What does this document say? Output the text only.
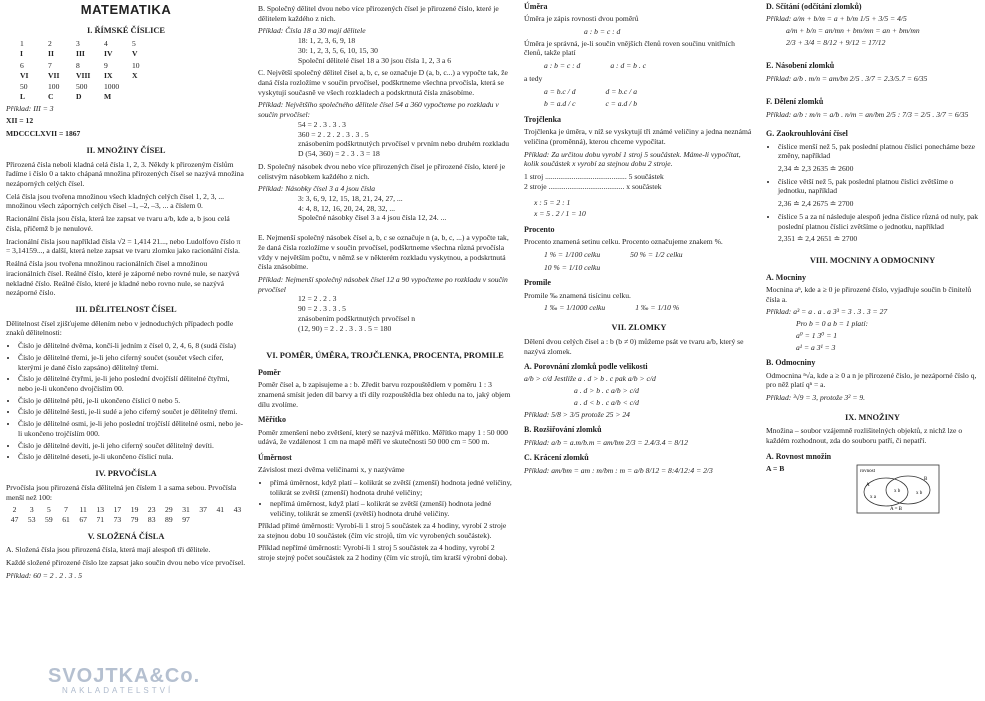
MATEMATIKA
I. ŘÍMSKÉ ČÍSLICE
1	2	3	4	5
I	II	III	IV	V
6	7	8	9	10
VI	VII	VIII	IX	X
50	100	500	1000
L	C	D	M

Příklad: III = 3

XII = 12

MDCCCLXVII = 1867

II. MNOŽINY ČÍSEL

Přirozená čísla neboli kladná celá čísla 1, 2, 3. Někdy k přirozeným číslům řadíme i číslo 0 a takto chápaná množina přirozených čísel se nazývá množina nezáporných celých čísel.

Celá čísla jsou tvořena množinou všech kladných celých čísel 1, 2, 3, ... množinou všech záporných celých čísel –1, –2, –3, ... a číslem 0.

Racionální čísla jsou čísla, která lze zapsat ve tvaru a/b, kde a, b jsou celá čísla, přičemž b je nenulové.

Iracionální čísla jsou například čísla √2 = 1,414 21..., nebo Ludolfovo číslo π = 3,14159..., a další, která nelze zapsat ve tvaru zlomku jako racionální čísla.

Reálná čísla jsou tvořena množinou racionálních čísel a množinou iracionálních čísel. Reálné číslo, které je záporné nebo rovné nule, se nazývá nekladné číslo. Reálné číslo, které je kladné nebo rovno nule, se nazývá nezáporné číslo.

III. DĚLITELNOST ČÍSEL

Dělitelnost čísel zjišťujeme dělením nebo v jednoduchých případech podle znaků dělitelnosti:

• Číslo je dělitelné dvěma, končí-li jedním z čísel 0, 2, 4, 6, 8 (sudá čísla)
• Číslo je dělitelné třemi, je-li jeho ciferný součet (součet všech cifer, kterými je dané číslo zapsáno) dělitelný třemi.
• Číslo je dělitelné čtyřmi, je-li jeho poslední dvojčíslí dělitelné čtyřmi, nebo je-li ukončeno dvojčíslím 00.
• Číslo je dělitelné pěti, je-li ukončeno číslicí 0 nebo 5.
• Číslo je dělitelné šesti, je-li sudé a jeho ciferný součet je dělitelný třemi.
• Číslo je dělitelné osmi, je-li jeho poslední trojčíslí dělitelné osmi, nebo je-li ukončeno trojčíslím 000.
• Číslo je dělitelné devíti, je-li jeho ciferný součet dělitelný devíti.
• Číslo je dělitelné deseti, je-li ukončeno číslicí nula.
IV. PRVOČÍSLA

Prvočísla jsou přirozená čísla dělitelná jen číslem 1 a sama sebou. Prvočísla menší než 100:

2	3	5	7	11	13	17	19	23	29	31	37	41	43
47	53	59	61	67	71	73	79	83	89	97
V. SLOŽENÁ ČÍSLA

A. Složená čísla jsou přirozená čísla, která mají alespoň tři dělitele.

Každé složené přirozené číslo lze zapsat jako součin dvou nebo více prvočísel.

Příklad: 60 = 2 . 2 . 3 . 5

SVOJTKA&Co.
NAKLADATELSTVÍ

B. Společný dělitel dvou nebo více přirozených čísel je přirozené číslo, které je dělitelem každého z nich.

Příklad: Čísla 18 a 30 mají dělitele
18: 1, 2, 3, 6, 9, 18
30: 1, 2, 3, 5, 6, 10, 15, 30
Společní dělitelé čísel 18 a 30 jsou čísla 1, 2, 3 a 6

C. Největší společný dělitel čísel a, b, c, se označuje D (a, b, c...) a vypočte tak, že daná čísla rozložíme v součin prvočísel, podškrtneme všechna prvočísla, která se vyskytují současně ve všech rozkladech a podskrtnutá čísla znásobíme.

Příklad: Největšího společného dělitele čísel 54 a 360 vypočteme po rozkladu v součin prvočísel:
54 = 2 . 3 . 3 . 3
360 = 2 . 2 . 2 . 3 . 3 . 5
znásobením podškrtnutých prvočísel v prvním nebo druhém rozkladu
D (54, 360) = 2 . 3 . 3 = 18

D. Společný násobek dvou nebo více přirozených čísel je přirozené číslo, které je celistvým násobkem každého z nich.

Příklad: Násobky čísel 3 a 4 jsou čísla
3: 3, 6, 9, 12, 15, 18, 21, 24, 27, ...
4: 4, 8, 12, 16, 20, 24, 28, 32, ...
Společné násobky čísel 3 a 4 jsou čísla 12, 24. ...

E. Nejmenší společný násobek čísel a, b, c se označuje n (a, b, c, ...) a vypočte tak, že daná čísla rozložíme v součin prvočísel, podškrtneme všechna různá prvočísla vždy v největším počtu, v němž se v některém rozkladu vyskytnou, a podskrtnutá čísla znásobíme.

Příklad: Nejmenší společný násobek čísel 12 a 90 vypočteme po rozkladu v součin prvočísel
12 = 2 . 2 . 3
90 = 2 . 3 . 3 . 5
znásobením podškrtnutých prvočísel n
(12, 90) = 2 . 2 . 3 . 3 . 5 = 180
VI. POMĚR, ÚMĚRA, TROJČLENKA, PROCENTA, PROMILE
Poměr

Poměr čísel a, b zapisujeme a : b. Zředit barvu rozpouštědlem v poměru 1 : 3 znamená smísit jeden díl barvy a tři díly rozpouštědla bez ohledu na to, jaký objem dílu zvolíme.

Měřítko

Poměr zmenšení nebo zvětšení, který se nazývá měřítko. Měřítko mapy 1 : 50 000 udává, že vzdálenost 1 cm na mapě měří ve skutečnosti 50 000 cm = 500 m.

Úměrnost

Závislost mezi dvěma veličinami x, y nazýváme

• přímá úměrnost, když platí – kolikrát se zvětší (zmenší) hodnota jedné veličiny, tolikrát se zvětší (zmenší) hodnota druhé veličiny;
• nepřímá úměrnost, když platí – kolikrát se zvětší (zmenší) hodnota jedné veličiny, tolikrát se zmenší (zvětší) hodnota druhé veličiny.

Příklad přímé úměrnosti: Vyrobí-li 1 stroj 5 součástek za 4 hodiny, vyrobí 2 stroje za stejnou dobu 10 součástek (čím víc strojů, tím víc vyrobených součástek).

Příklad nepřímé úměrnosti: Vyrobí-li 1 stroj 5 součástek za 4 hodiny, vyrobí 2 stroje stejný počet součástek za 2 hodiny (čím víc strojů, tím kratší výrobní doba).

Úměra

Úměra je zápis rovnosti dvou poměrů

a : b = c : d

Úměra je správná, je-li součin vnějších členů roven součinu vnitřních členů, takže platí

a : b = c : d	a : d = b . c

a tedy

a = b.c / d	d = b.c / a
b = a.d / c	c = a.d / b
Trojčlenka

Trojčlenka je úměra, v níž se vyskytují tři známé veličiny a jedna neznámá veličina (proměnná), kterou chceme vypočítat.

Příklad: Za určitou dobu vyrobí 1 stroj 5 součástek. Máme-li vypočítat, kolik součástek x vyrobí za stejnou dobu 2 stroje.

1 stroj ........................................... 5 součástek
2 stroje ........................................ x součástek
x : 5 = 2 : 1
x = 5 . 2 / 1 = 10
Procento

Procento znamená setinu celku. Procento označujeme znakem %.

1 % = 1/100 celku	50 % = 1/2 celku
10 % = 1/10 celku
Promile

Promile ‰ znamená tisícinu celku.

1 ‰ = 1/1000 celku	1 ‰ = 1/10 %
VII. ZLOMKY

Dělení dvou celých čísel a : b (b ≠ 0) můžeme psát ve tvaru a/b, který se nazývá zlomek.

A. Porovnání zlomků podle velikosti
a/b > c/d Jestliže a . d > b . c pak a/b > c/d
a . d > b . c a/b > c/d
a . d < b . c a/b < c/d
Příklad: 5/8 > 3/5 protože 25 > 24
B. Rozšiřování zlomků
Příklad: a/b = a.m/b.m = am/bm 2/3 = 2.4/3.4 = 8/12
C. Krácení zlomků
Příklad: am/bm = am : m/bm : m = a/b 8/12 = 8:4/12:4 = 2/3
D. Sčítání (odčítání zlomků)
Příklad: a/m + b/m = a + b/m 1/5 + 3/5 = 4/5
a/m + b/n = an/mn + bm/mn = an + bm/mn
2/3 + 3/4 = 8/12 + 9/12 = 17/12
E. Násobení zlomků
Příklad: a/b . m/n = am/bn 2/5 . 3/7 = 2.3/5.7 = 6/35
F. Dělení zlomků
Příklad: a/b : m/n = a/b . n/m = an/bm 2/5 : 7/3 = 2/5 . 3/7 = 6/35
G. Zaokrouhlování čísel
• číslice menší než 5, pak poslední platnou číslici ponecháme beze změny, například
2,34 ≐ 2,3 2635 ≐ 2600
• číslice větší než 5, pak poslední platnou číslici zvětšíme o jednotku, například
2,36 ≐ 2,4 2675 ≐ 2700
• číslice 5 a za ní následuje alespoň jedna číslice různá od nuly, pak poslední platnou číslici zvětšíme o jednotku, například
2,351 ≐ 2,4 2651 ≐ 2700
VIII. MOCNINY A ODMOCNINY
A. Mocniny

Mocnina aⁿ, kde a ≥ 0 je přirozené číslo, vyjadřuje součin b činitelů čísla a.

Příklad: a³ = a . a . a 3³ = 3 . 3 . 3 = 27
Pro b = 0 a b = 1 platí:
a⁰ = 1 3⁰ = 1
a¹ = a 3¹ = 3
B. Odmocniny

Odmocnina ⁿ√a, kde a ≥ 0 a n je přirozené číslo, je nezáporné číslo q, pro něž platí qⁿ = a.

Příklad: ³√9 = 3, protože 3² = 9.
IX. MNOŽINY

Množina – soubor vzájemně rozlišitelných objektů, z nichž lze o každém rozhodnout, zda do souboru patří, či nepatří.

A. Rovnost množin
A = B	rovnost
A
B
x a
x b	x b
A = B
